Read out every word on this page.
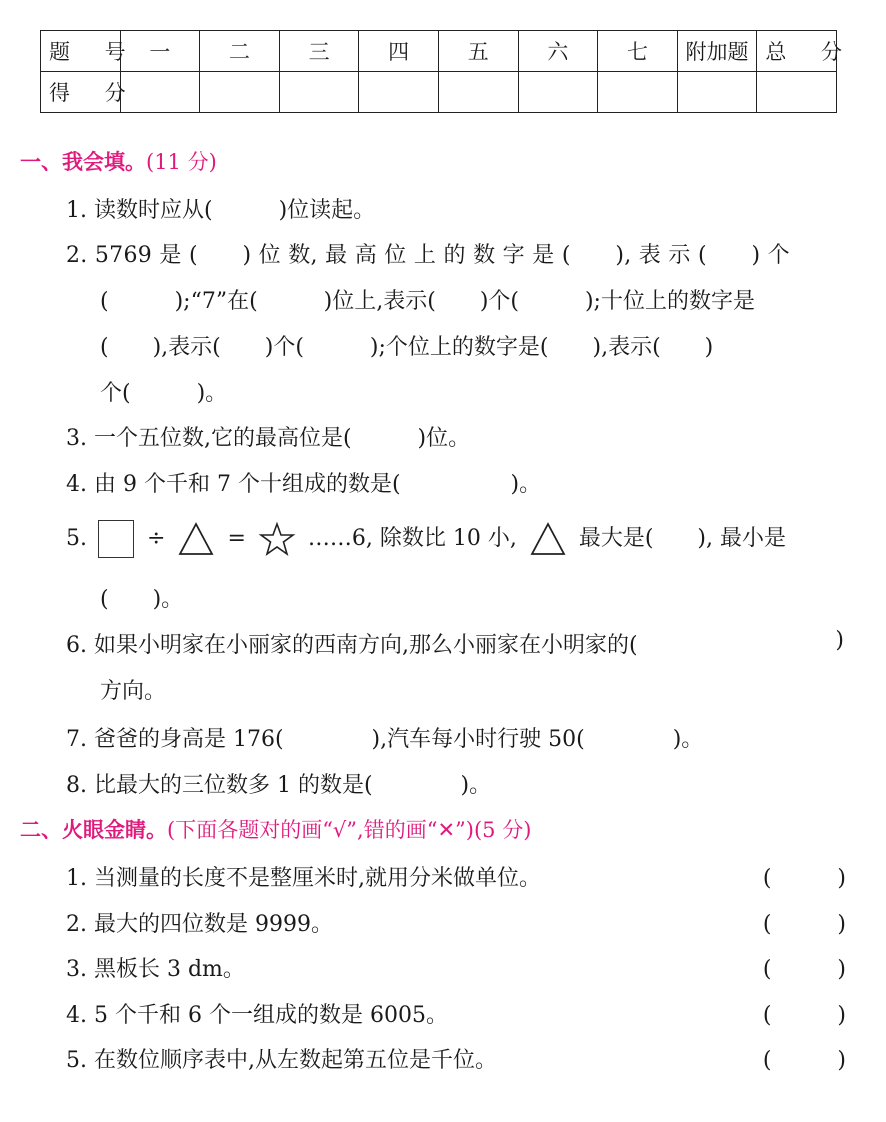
题 号	一	二	三	四	五	六	七	附加题	总 分
得 分									
一、我会填。(11 分)
1. 读数时应从(　　　)位读起。
2. 5769 是 (　　) 位 数, 最 高 位 上 的 数 字 是 (　　), 表 示 (　　) 个
(　　　);“7”在(　　　)位上,表示(　　)个(　　　);十位上的数字是
(　　),表示(　　)个(　　　);个位上的数字是(　　),表示(　　)
个(　　　)。
3. 一个五位数,它的最高位是(　　　)位。
4. 由 9 个千和 7 个十组成的数是(　　　　　)。
5.	÷	=	……6, 除数比 10 小,	最大是(　　), 最小是
(　　)。
6. 如果小明家在小丽家的西南方向,那么小丽家在小明家的(	)
方向。
7. 爸爸的身高是 176(　　　　),汽车每小时行驶 50(　　　　)。
8. 比最大的三位数多 1 的数是(　　　　)。
二、火眼金睛。(下面各题对的画“√”,错的画“✕”)(5 分)
1. 当测量的长度不是整厘米时,就用分米做单位。	(　　　)
2. 最大的四位数是 9999。	(　　　)
3. 黑板长 3 dm。	(　　　)
4. 5 个千和 6 个一组成的数是 6005。	(　　　)
5. 在数位顺序表中,从左数起第五位是千位。	(　　　)
